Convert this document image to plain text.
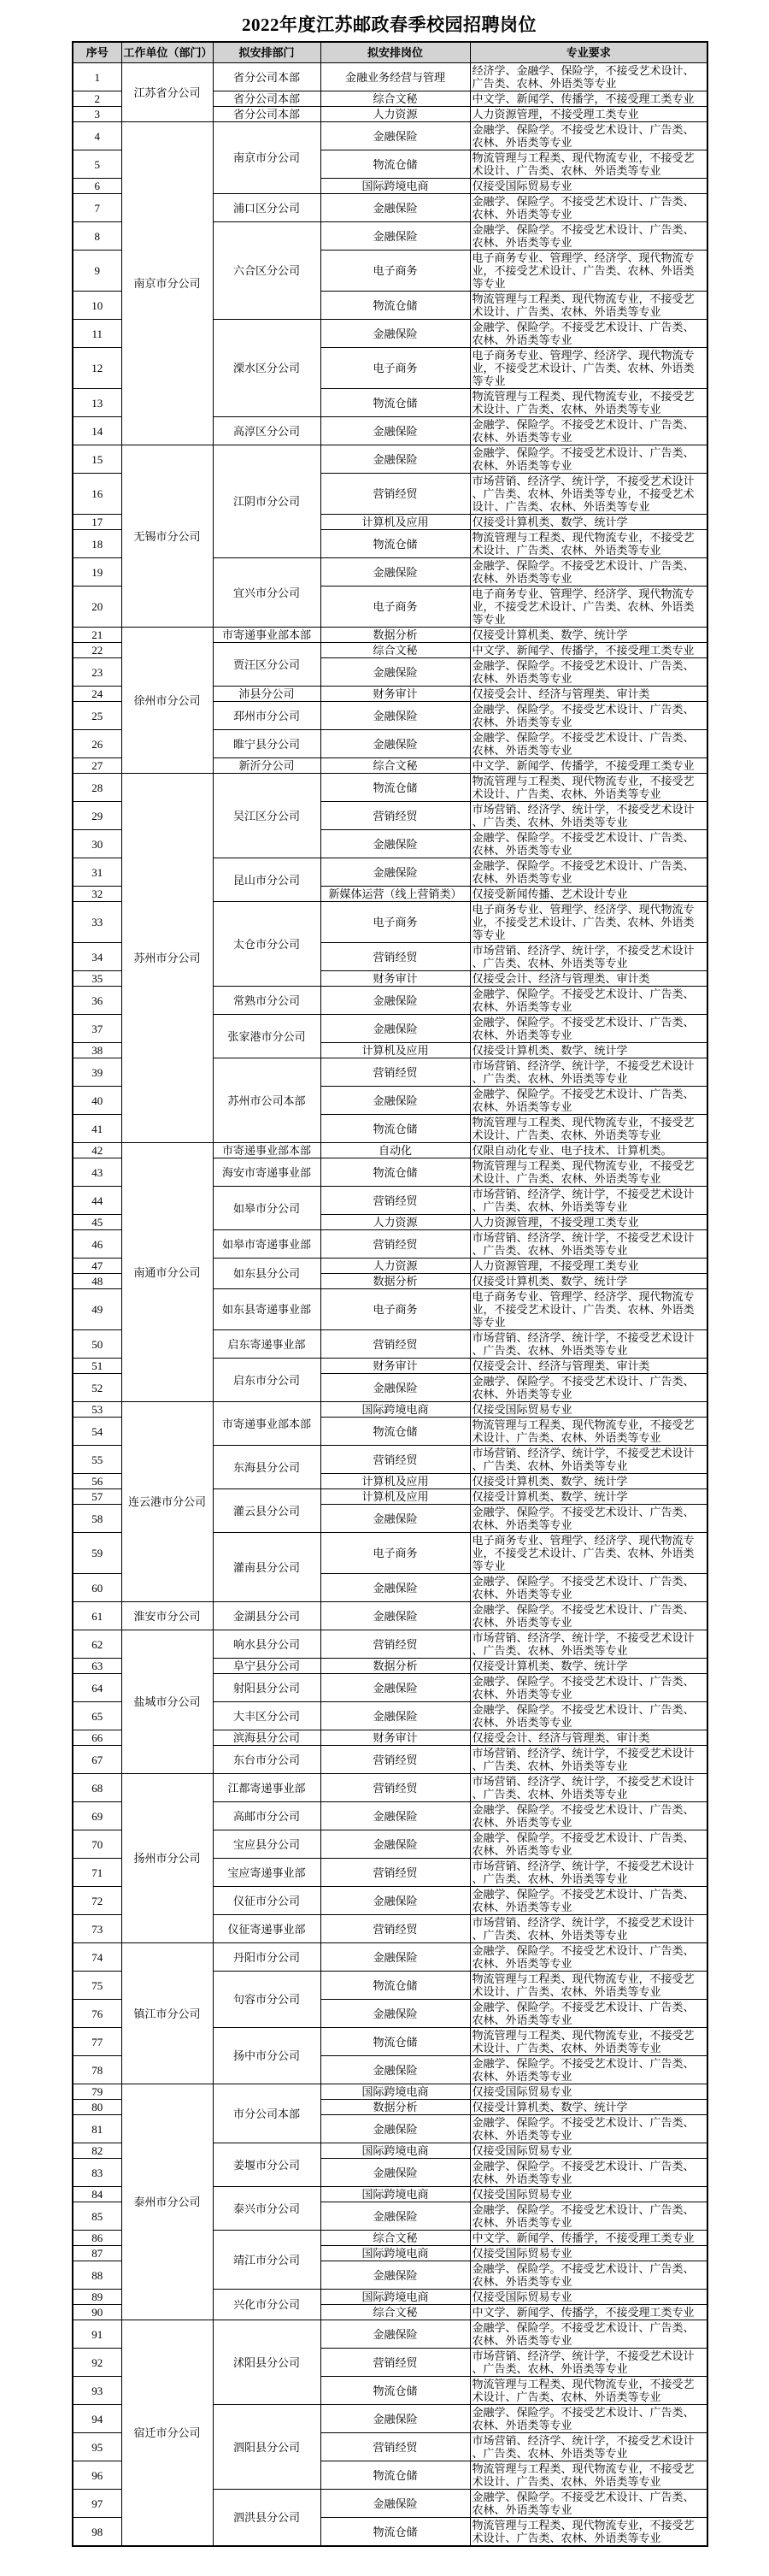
2022年度江苏邮政春季校园招聘岗位
序号	工作单位（部门）	拟安排部门	拟安排岗位	专业要求
1	江苏省分公司	省分公司本部	金融业务经营与管理	经济学、金融学、保险学，不接受艺术设计、广告类、农林、外语类等专业
2		省分公司本部	综合文秘	中文学、新闻学、传播学，不接受理工类专业
3		省分公司本部	人力资源	人力资源管理，不接受理工类专业
4	南京市分公司	南京市分公司	金融保险	金融学、保险学。不接受艺术设计、广告类、农林、外语类等专业
5			物流仓储	物流管理与工程类、现代物流专业，不接受艺术设计、广告类、农林、外语类等专业
6			国际跨境电商	仅接受国际贸易专业
7		浦口区分公司	金融保险	金融学、保险学。不接受艺术设计、广告类、农林、外语类等专业
8		六合区分公司	金融保险	金融学、保险学。不接受艺术设计、广告类、农林、外语类等专业
9			电子商务	电子商务专业、管理学、经济学、现代物流专业，不接受艺术设计、广告类、农林、外语类等专业
10			物流仓储	物流管理与工程类、现代物流专业，不接受艺术设计、广告类、农林、外语类等专业
11		溧水区分公司	金融保险	金融学、保险学。不接受艺术设计、广告类、农林、外语类等专业
12			电子商务	电子商务专业、管理学、经济学、现代物流专业，不接受艺术设计、广告类、农林、外语类等专业
13			物流仓储	物流管理与工程类、现代物流专业，不接受艺术设计、广告类、农林、外语类等专业
14		高淳区分公司	金融保险	金融学、保险学。不接受艺术设计、广告类、农林、外语类等专业
15	无锡市分公司	江阴市分公司	金融保险	金融学、保险学。不接受艺术设计、广告类、农林、外语类等专业
16			营销经贸	市场营销、经济学、统计学，不接受艺术设计、广告类、农林、外语类等专业，不接受艺术设计、广告类、农林、外语类等专业
17			计算机及应用	仅接受计算机类、数学、统计学
18			物流仓储	物流管理与工程类、现代物流专业，不接受艺术设计、广告类、农林、外语类等专业
19		宜兴市分公司	金融保险	金融学、保险学。不接受艺术设计、广告类、农林、外语类等专业
20			电子商务	电子商务专业、管理学、经济学、现代物流专业，不接受艺术设计、广告类、农林、外语类等专业
21	徐州市分公司	市寄递事业部本部	数据分析	仅接受计算机类、数学、统计学
22		贾汪区分公司	综合文秘	中文学、新闻学、传播学，不接受理工类专业
23			金融保险	金融学、保险学。不接受艺术设计、广告类、农林、外语类等专业
24		沛县分公司	财务审计	仅接受会计、经济与管理类、审计类
25		邳州市分公司	金融保险	金融学、保险学。不接受艺术设计、广告类、农林、外语类等专业
26		睢宁县分公司	金融保险	金融学、保险学。不接受艺术设计、广告类、农林、外语类等专业
27		新沂分公司	综合文秘	中文学、新闻学、传播学，不接受理工类专业
28	苏州市分公司	吴江区分公司	物流仓储	物流管理与工程类、现代物流专业，不接受艺术设计、广告类、农林、外语类等专业
29			营销经贸	市场营销、经济学、统计学，不接受艺术设计、广告类、农林、外语类等专业
30			金融保险	金融学、保险学。不接受艺术设计、广告类、农林、外语类等专业
31		昆山市分公司	金融保险	金融学、保险学。不接受艺术设计、广告类、农林、外语类等专业
32			新媒体运营（线上营销类）	仅接受新闻传播、艺术设计专业
33		太仓市分公司	电子商务	电子商务专业、管理学、经济学、现代物流专业，不接受艺术设计、广告类、农林、外语类等专业
34			营销经贸	市场营销、经济学、统计学，不接受艺术设计、广告类、农林、外语类等专业
35			财务审计	仅接受会计、经济与管理类、审计类
36		常熟市分公司	金融保险	金融学、保险学。不接受艺术设计、广告类、农林、外语类等专业
37		张家港市分公司	金融保险	金融学、保险学。不接受艺术设计、广告类、农林、外语类等专业
38			计算机及应用	仅接受计算机类、数学、统计学
39		苏州市公司本部	营销经贸	市场营销、经济学、统计学，不接受艺术设计、广告类、农林、外语类等专业
40			金融保险	金融学、保险学。不接受艺术设计、广告类、农林、外语类等专业
41			物流仓储	物流管理与工程类、现代物流专业，不接受艺术设计、广告类、农林、外语类等专业
42	南通市分公司	市寄递事业部本部	自动化	仅限自动化专业、电子技术、计算机类。
43		海安市寄递事业部	物流仓储	物流管理与工程类、现代物流专业，不接受艺术设计、广告类、农林、外语类等专业
44		如皋市分公司	营销经贸	市场营销、经济学、统计学，不接受艺术设计、广告类、农林、外语类等专业
45			人力资源	人力资源管理，不接受理工类专业
46		如皋市寄递事业部	营销经贸	市场营销、经济学、统计学，不接受艺术设计、广告类、农林、外语类等专业
47		如东县分公司	人力资源	人力资源管理，不接受理工类专业
48			数据分析	仅接受计算机类、数学、统计学
49		如东县寄递事业部	电子商务	电子商务专业、管理学、经济学、现代物流专业，不接受艺术设计、广告类、农林、外语类等专业
50		启东寄递事业部	营销经贸	市场营销、经济学、统计学，不接受艺术设计、广告类、农林、外语类等专业
51		启东市分公司	财务审计	仅接受会计、经济与管理类、审计类
52			金融保险	金融学、保险学。不接受艺术设计、广告类、农林、外语类等专业
53	连云港市分公司	市寄递事业部本部	国际跨境电商	仅接受国际贸易专业
54			物流仓储	物流管理与工程类、现代物流专业，不接受艺术设计、广告类、农林、外语类等专业
55		东海县分公司	营销经贸	市场营销、经济学、统计学，不接受艺术设计、广告类、农林、外语类等专业
56			计算机及应用	仅接受计算机类、数学、统计学
57		灌云县分公司	计算机及应用	仅接受计算机类、数学、统计学
58			金融保险	金融学、保险学。不接受艺术设计、广告类、农林、外语类等专业
59		灌南县分公司	电子商务	电子商务专业、管理学、经济学、现代物流专业，不接受艺术设计、广告类、农林、外语类等专业
60			金融保险	金融学、保险学。不接受艺术设计、广告类、农林、外语类等专业
61	淮安市分公司	金湖县分公司	金融保险	金融学、保险学。不接受艺术设计、广告类、农林、外语类等专业
62	盐城市分公司	响水县分公司	营销经贸	市场营销、经济学、统计学，不接受艺术设计、广告类、农林、外语类等专业
63		阜宁县分公司	数据分析	仅接受计算机类、数学、统计学
64		射阳县分公司	金融保险	金融学、保险学。不接受艺术设计、广告类、农林、外语类等专业
65		大丰区分公司	金融保险	金融学、保险学。不接受艺术设计、广告类、农林、外语类等专业
66		滨海县分公司	财务审计	仅接受会计、经济与管理类、审计类
67		东台市分公司	营销经贸	市场营销、经济学、统计学，不接受艺术设计、广告类、农林、外语类等专业
68	扬州市分公司	江都寄递事业部	营销经贸	市场营销、经济学、统计学，不接受艺术设计、广告类、农林、外语类等专业
69		高邮市分公司	金融保险	金融学、保险学。不接受艺术设计、广告类、农林、外语类等专业
70		宝应县分公司	金融保险	金融学、保险学。不接受艺术设计、广告类、农林、外语类等专业
71		宝应寄递事业部	营销经贸	市场营销、经济学、统计学，不接受艺术设计、广告类、农林、外语类等专业
72		仪征市分公司	金融保险	金融学、保险学。不接受艺术设计、广告类、农林、外语类等专业
73		仪征寄递事业部	营销经贸	市场营销、经济学、统计学，不接受艺术设计、广告类、农林、外语类等专业
74	镇江市分公司	丹阳市分公司	金融保险	金融学、保险学。不接受艺术设计、广告类、农林、外语类等专业
75		句容市分公司	物流仓储	物流管理与工程类、现代物流专业，不接受艺术设计、广告类、农林、外语类等专业
76			金融保险	金融学、保险学。不接受艺术设计、广告类、农林、外语类等专业
77		扬中市分公司	物流仓储	物流管理与工程类、现代物流专业，不接受艺术设计、广告类、农林、外语类等专业
78			金融保险	金融学、保险学。不接受艺术设计、广告类、农林、外语类等专业
79	泰州市分公司	市分公司本部	国际跨境电商	仅接受国际贸易专业
80			数据分析	仅接受计算机类、数学、统计学
81			金融保险	金融学、保险学。不接受艺术设计、广告类、农林、外语类等专业
82		姜堰市分公司	国际跨境电商	仅接受国际贸易专业
83			金融保险	金融学、保险学。不接受艺术设计、广告类、农林、外语类等专业
84		泰兴市分公司	国际跨境电商	仅接受国际贸易专业
85			金融保险	金融学、保险学。不接受艺术设计、广告类、农林、外语类等专业
86		靖江市分公司	综合文秘	中文学、新闻学、传播学，不接受理工类专业
87			国际跨境电商	仅接受国际贸易专业
88			金融保险	金融学、保险学。不接受艺术设计、广告类、农林、外语类等专业
89		兴化市分公司	国际跨境电商	仅接受国际贸易专业
90			综合文秘	中文学、新闻学、传播学，不接受理工类专业
91	宿迁市分公司	沭阳县分公司	金融保险	金融学、保险学。不接受艺术设计、广告类、农林、外语类等专业
92			营销经贸	市场营销、经济学、统计学，不接受艺术设计、广告类、农林、外语类等专业
93			物流仓储	物流管理与工程类、现代物流专业，不接受艺术设计、广告类、农林、外语类等专业
94		泗阳县分公司	金融保险	金融学、保险学。不接受艺术设计、广告类、农林、外语类等专业
95			营销经贸	市场营销、经济学、统计学，不接受艺术设计、广告类、农林、外语类等专业
96			物流仓储	物流管理与工程类、现代物流专业，不接受艺术设计、广告类、农林、外语类等专业
97		泗洪县分公司	金融保险	金融学、保险学。不接受艺术设计、广告类、农林、外语类等专业
98			物流仓储	物流管理与工程类、现代物流专业，不接受艺术设计、广告类、农林、外语类等专业
